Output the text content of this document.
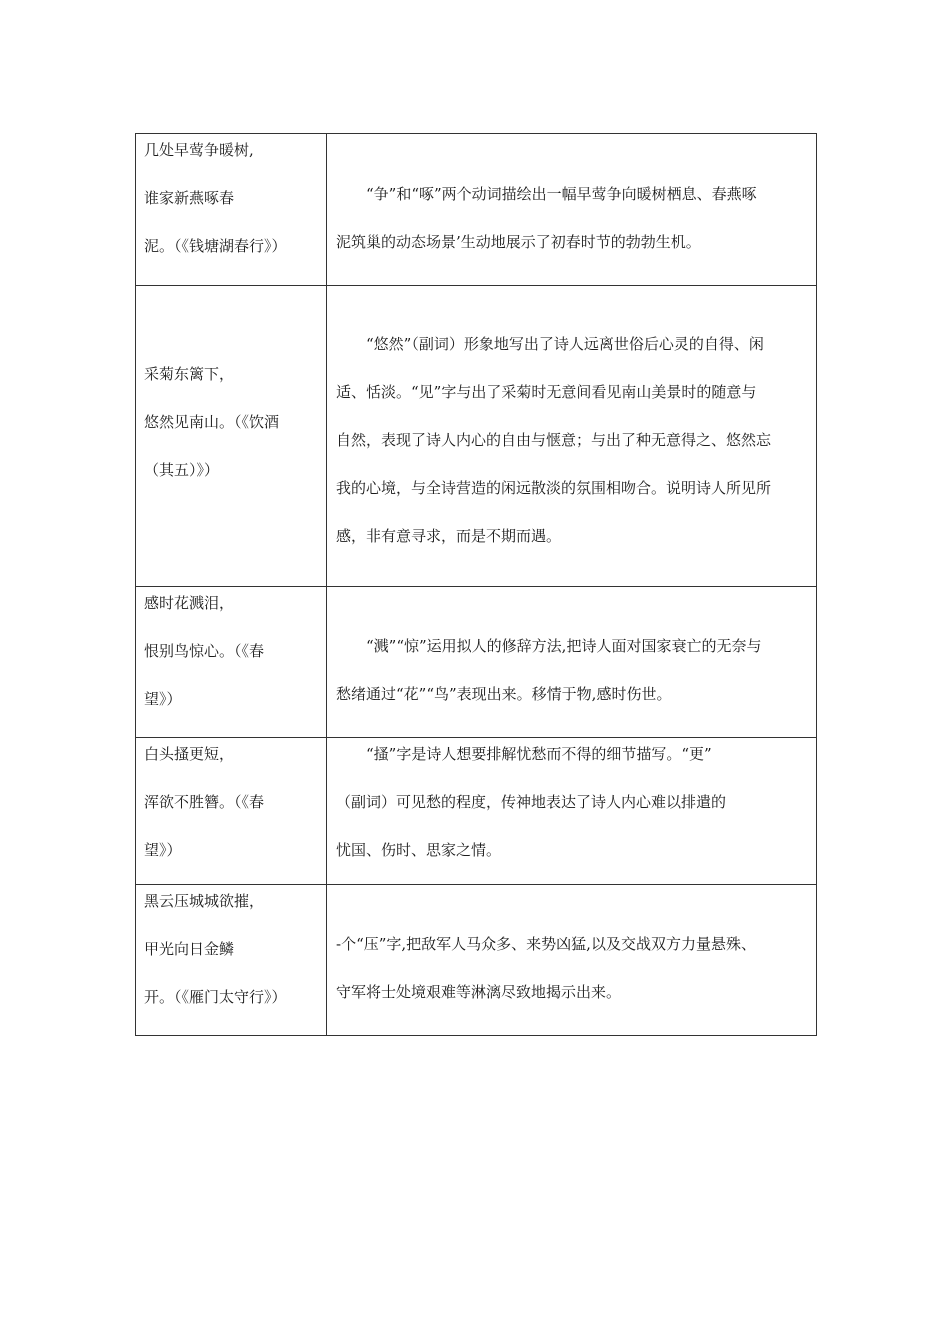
几处早莺争暖树,
谁家新燕啄春
泥。（《钱塘湖春行》）	“争”和“啄”两个动词描绘出一幅早莺争向暖树栖息、春燕啄
泥筑巢的动态场景’生动地展示了初春时节的勃勃生机。

采菊东篱下，
悠然见南山。（《饮酒
（其五）》）	“悠然”（副词）形象地写出了诗人远离世俗后心灵的自得、闲
适、恬淡。“见”字与出了采菊时无意间看见南山美景时的随意与
自然，表现了诗人内心的自由与惬意；与出了种无意得之、悠然忘
我的心境，与全诗营造的闲远散淡的氛围相吻合。说明诗人所见所
感，非有意寻求，而是不期而遇。

感时花溅泪，
恨别鸟惊心。（《春
望》）	“溅”“惊”运用拟人的修辞方法,把诗人面对国家衰亡的无奈与
愁绪通过“花”“鸟”表现出来。移情于物,感时伤世。

白头搔更短，
浑欲不胜簪。（《春
望》）	“搔”字是诗人想要排解忧愁而不得的细节描写。“更”
（副词）可见愁的程度，传神地表达了诗人内心难以排遣的
忧国、伤时、思家之情。

黑云压城城欲摧，
甲光向日金鳞
开。（《雁门太守行》）	-个“压”字,把敌军人马众多、来势凶猛,以及交战双方力量悬殊、
守军将士处境艰难等淋漓尽致地揭示出来。
